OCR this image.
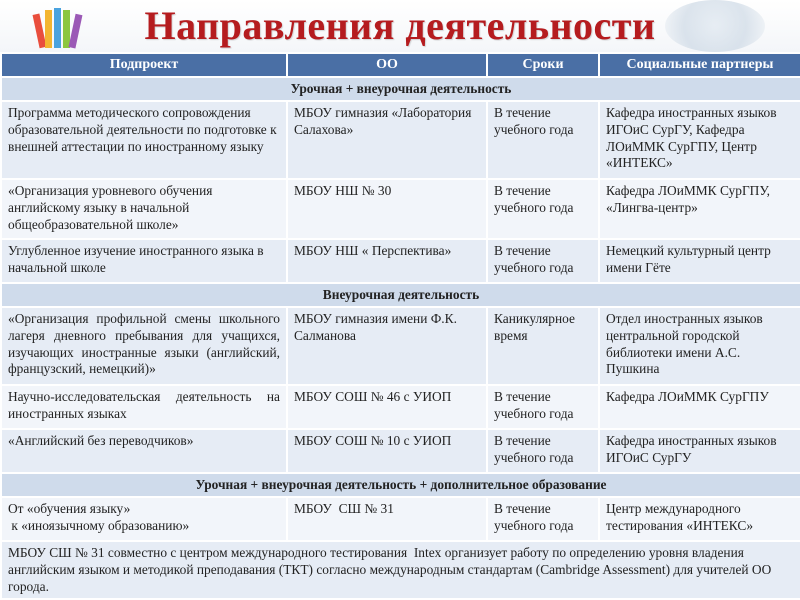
Направления деятельности
Подпроект	ОО	Сроки	Социальные партнеры
Урочная + внеурочная деятельность			
Программа методического сопровождения образовательной деятельности по подготовке к внешней аттестации по иностранному языку	МБОУ гимназия «Лаборатория Салахова»	В течение учебного года	Кафедра иностранных языков ИГОиС СурГУ, Кафедра ЛОиММК СурГПУ, Центр «ИНТЕКС»
«Организация уровневого обучения английскому языку в начальной общеобразовательной школе»	МБОУ НШ № 30	В течение учебного года	Кафедра ЛОиММК СурГПУ, «Лингва-центр»
Углубленное изучение иностранного языка в начальной школе	МБОУ НШ « Перспектива»	В течение учебного года	Немецкий культурный центр имени Гёте
Внеурочная деятельность			
«Организация профильной смены школьного лагеря дневного пребывания для учащихся, изучающих иностранные языки (английский, французский, немецкий)»	МБОУ гимназия имени Ф.К. Салманова	Каникулярное время	Отдел иностранных языков центральной городской библиотеки имени А.С. Пушкина
Научно-исследовательская деятельность на иностранных языках	МБОУ СОШ № 46 с УИОП	В течение учебного года	Кафедра ЛОиММК СурГПУ
«Английский без переводчиков»	МБОУ СОШ № 10 с УИОП	В течение учебного года	Кафедра иностранных языков ИГОиС СурГУ
Урочная + внеурочная деятельность + дополнительное образование			

От «обучения языку»
к «иноязычному образованию»	МБОУ  СШ № 31	В течение учебного года	Центр международного тестирования «ИНТЕКС»
МБОУ СШ № 31 совместно с центром международного тестирования  Intex организует работу по определению уровня владения английским языком и методикой преподавания (ТКТ) согласно международным стандартам (Cambridge Assessment) для учителей ОО города.			
